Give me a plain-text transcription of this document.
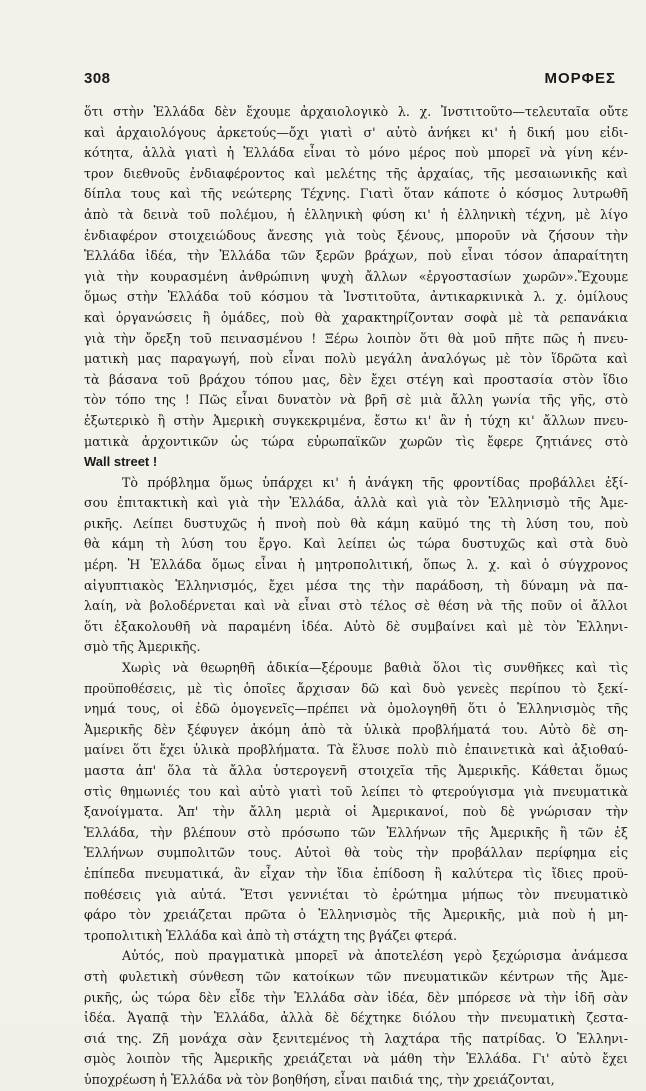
308	ΜΟΡΦΕΣ
ὅτι στὴν Ἑλλάδα δὲν ἔχουμε ἀρχαιολογικὸ λ. χ. Ἰνστιτοῦτο—τελευταῖα οὔτε
καὶ ἀρχαιολόγους ἀρκετούς—ὄχι γιατὶ σ' αὐτὸ ἀνήκει κι' ἡ δική μου εἰδι-
κότητα, ἀλλὰ γιατὶ ἡ Ἑλλάδα εἶναι τὸ μόνο μέρος ποὺ μπορεῖ νὰ γίνη κέν-
τρον διεθνοῦς ἐνδιαφέροντος καὶ μελέτης τῆς ἀρχαίας, τῆς μεσαιωνικῆς καὶ
δίπλα τους καὶ τῆς νεώτερης Τέχνης. Γιατὶ ὅταν κάποτε ὁ κόσμος λυτρωθῆ
ἀπὸ τὰ δεινὰ τοῦ πολέμου, ἡ ἑλληνικὴ φύση κι' ἡ ἑλληνικὴ τέχνη, μὲ λίγο
ἐνδιαφέρον στοιχειώδους ἄνεσης γιὰ τοὺς ξένους, μποροῦν νὰ ζήσουν τὴν
Ἑλλάδα ἰδέα, τὴν Ἑλλάδα τῶν ξερῶν βράχων, ποὺ εἶναι τόσον ἀπαραίτητη
γιὰ τὴν κουρασμένη ἀνθρώπινη ψυχὴ ἄλλων «ἐργοστασίων χωρῶν».Ἔχουμε
ὅμως στὴν Ἑλλάδα τοῦ κόσμου τὰ Ἰνστιτοῦτα, ἀντικαρκινικὰ λ. χ. ὁμίλους
καὶ ὀργανώσεις ἢ ὁμάδες, ποὺ θὰ χαρακτηρίζονταν σοφὰ μὲ τὰ ρεπανάκια
γιὰ τὴν ὄρεξη τοῦ πεινασμένου ! Ξέρω λοιπὸν ὅτι θὰ μοῦ πῆτε πῶς ἡ πνευ-
ματικὴ μας παραγωγή, ποὺ εἶναι πολὺ μεγάλη ἀναλόγως μὲ τὸν ἵδρῶτα καὶ
τὰ βάσανα τοῦ βράχου τόπου μας, δὲν ἔχει στέγη καὶ προστασία στὸν ἴδιο
τὸν τόπο της ! Πῶς εἶναι δυνατὸν νὰ βρῆ σὲ μιὰ ἄλλη γωνία τῆς γῆς, στὸ
ἐξωτερικὸ ἢ στὴν Ἀμερικὴ συγκεκριμένα, ἔστω κι' ἂν ἡ τύχη κι' ἄλλων πνευ-
ματικὰ ἀρχοντικῶν ὡς τώρα εὐρωπαϊκῶν χωρῶν τὶς ἔφερε ζητιάνες στὸ
Wall street !
Τὸ πρόβλημα ὅμως ὑπάρχει κι' ἡ ἀνάγκη τῆς φροντίδας προβάλλει ἐξί-
σου ἐπιτακτικὴ καὶ γιὰ τὴν Ἑλλάδα, ἀλλὰ καὶ γιὰ τὸν Ἑλληνισμὸ τῆς Ἀμε-
ρικῆς. Λείπει δυστυχῶς ἡ πνοὴ ποὺ θὰ κάμη καϋμό της τὴ λύση του, ποὺ
θὰ κάμη τὴ λύση του ἔργο. Καὶ λείπει ὡς τώρα δυστυχῶς καὶ στὰ δυὸ
μέρη. Ἡ Ἑλλάδα ὅμως εἶναι ἡ μητροπολιτική, ὅπως λ. χ. καὶ ὁ σύγχρονος
αἰγυπτιακὸς Ἑλληνισμός, ἔχει μέσα της τὴν παράδοση, τὴ δύναμη νὰ πα-
λαίη, νὰ βολοδέρνεται καὶ νὰ εἶναι στὸ τέλος σὲ θέση νὰ τῆς ποῦν οἱ ἄλλοι
ὅτι ἐξακολουθῆ νὰ παραμένη ἰδέα. Αὐτὸ δὲ συμβαίνει καὶ μὲ τὸν Ἑλληνι-
σμὸ τῆς Ἀμερικῆς.
Χωρὶς νὰ θεωρηθῆ ἀδικία—ξέρουμε βαθιὰ ὅλοι τὶς συνθῆκες καὶ τὶς
προϋποθέσεις, μὲ τὶς ὁποῖες ἄρχισαν δῶ καὶ δυὸ γενεὲς περίπου τὸ ξεκί-
νημά τους, οἱ ἐδῶ ὁμογενεῖς—πρέπει νὰ ὁμολογηθῆ ὅτι ὁ Ἑλληνισμὸς τῆς
Ἀμερικῆς δὲν ξέφυγεν ἀκόμη ἀπὸ τὰ ὑλικὰ προβλήματά του. Αὐτὸ δὲ ση-
μαίνει ὅτι ἔχει ὑλικὰ προβλήματα. Τὰ ἔλυσε πολὺ πιὸ ἐπαινετικὰ καὶ ἀξιοθαύ-
μαστα ἀπ' ὅλα τὰ ἄλλα ὑστερογενῆ στοιχεῖα τῆς Ἀμερικῆς. Κάθεται ὅμως
στὶς θημωνιές του καὶ αὐτὸ γιατὶ τοῦ λείπει τὸ φτερούγισμα γιὰ πνευματικὰ
ξανοίγματα. Ἀπ' τὴν ἄλλη μεριὰ οἱ Ἀμερικανοί, ποὺ δὲ γνώρισαν τὴν
Ἑλλάδα, τὴν βλέπουν στὸ πρόσωπο τῶν Ἑλλήνων τῆς Ἀμερικῆς ἢ τῶν ἐξ
Ἑλλήνων συμπολιτῶν τους. Αὐτοὶ θὰ τοὺς τὴν προβάλλαν περίφημα εἰς
ἐπίπεδα πνευματικά, ἂν εἶχαν τὴν ἴδια ἐπίδοση ἢ καλύτερα τὶς ἴδιες προϋ-
ποθέσεις γιὰ αὐτά. Ἔτσι γεννιέται τὸ ἐρώτημα μήπως τὸν πνευματικὸ
φάρο τὸν χρειάζεται πρῶτα ὁ Ἑλληνισμὸς τῆς Ἀμερικῆς, μιὰ ποὺ ἡ μη-
τροπολιτικὴ Ἑλλάδα καὶ ἀπὸ τὴ στάχτη της βγάζει φτερά.
Αὐτός, ποὺ πραγματικὰ μπορεῖ νὰ ἀποτελέση γερὸ ξεχώρισμα ἀνάμεσα
στὴ φυλετικὴ σύνθεση τῶν κατοίκων τῶν πνευματικῶν κέντρων τῆς Ἀμε-
ρικῆς, ὡς τώρα δὲν εἶδε τὴν Ἑλλάδα σὰν ἰδέα, δὲν μπόρεσε νὰ τὴν ἰδῆ σὰν
ἰδέα. Ἀγαπᾷ τὴν Ἑλλάδα, ἀλλὰ δὲ δέχτηκε διόλου τὴν πνευματικὴ ζεστα-
σιά της. Ζῆ μονάχα σὰν ξενιτεμένος τὴ λαχτάρα τῆς πατρίδας. Ὁ Ἑλληνι-
σμὸς λοιπὸν τῆς Ἀμερικῆς χρειάζεται νὰ μάθη τὴν Ἑλλάδα. Γι' αὐτὸ ἔχει
ὑποχρέωση ἡ Ἑλλάδα νὰ τὸν βοηθήση, εἶναι παιδιά της, τὴν χρειάζονται,
